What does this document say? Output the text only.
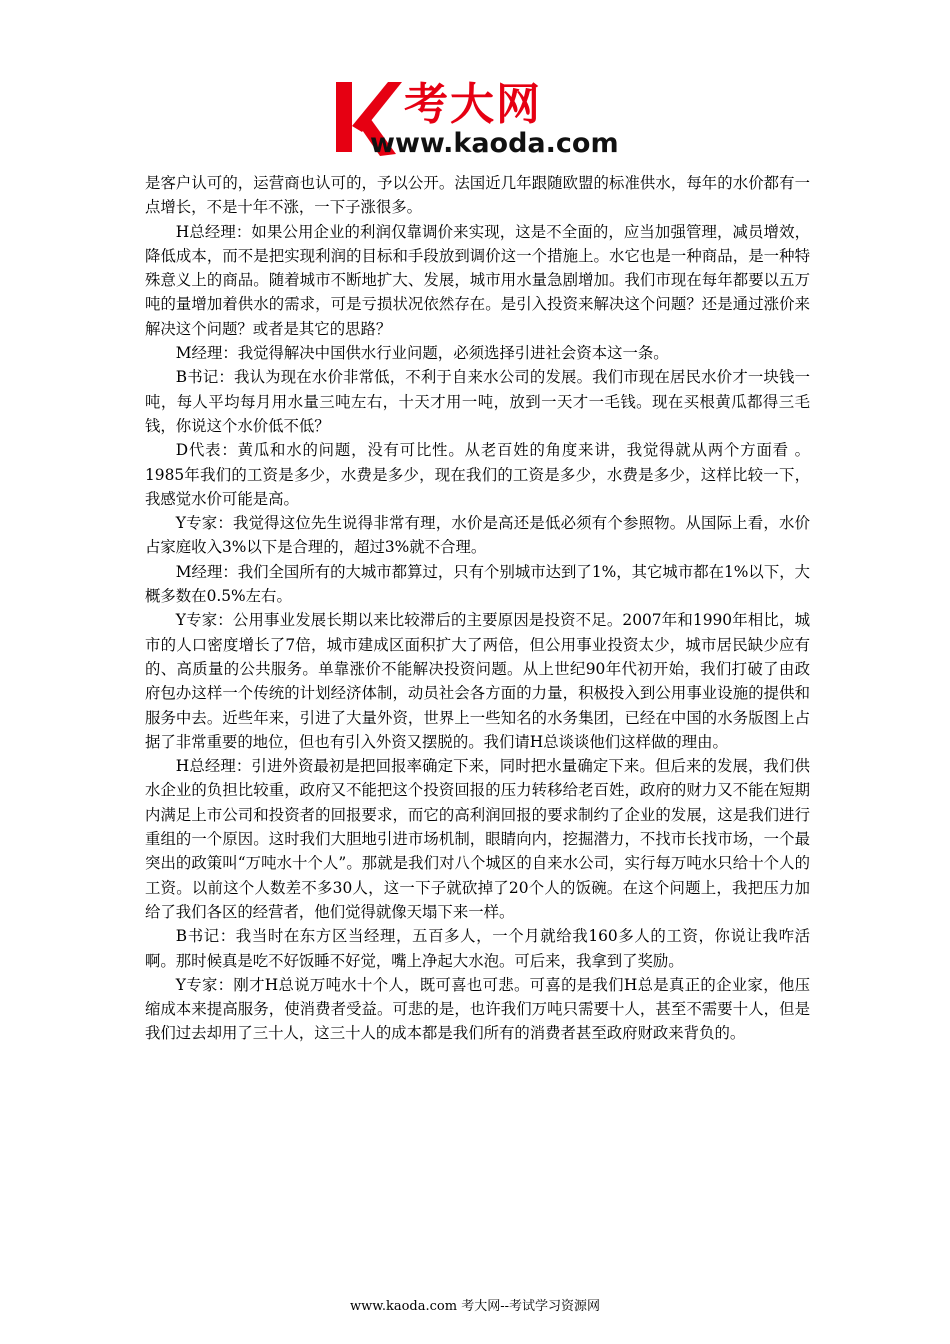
考大网
www.kaoda.com

是客户认可的，运营商也认可的，予以公开。法国近几年跟随欧盟的标准供水，每年的水价都有一点增长，不是十年不涨，一下子涨很多。

H总经理：如果公用企业的利润仅靠调价来实现，这是不全面的，应当加强管理，减员增效，降低成本，而不是把实现利润的目标和手段放到调价这一个措施上。水它也是一种商品，是一种特殊意义上的商品。随着城市不断地扩大、发展，城市用水量急剧增加。我们市现在每年都要以五万吨的量增加着供水的需求，可是亏损状况依然存在。是引入投资来解决这个问题？还是通过涨价来解决这个问题？或者是其它的思路？

M经理：我觉得解决中国供水行业问题，必须选择引进社会资本这一条。

B书记：我认为现在水价非常低，不利于自来水公司的发展。我们市现在居民水价才一块钱一吨，每人平均每月用水量三吨左右，十天才用一吨，放到一天才一毛钱。现在买根黄瓜都得三毛钱，你说这个水价低不低？

D代表：黄瓜和水的问题，没有可比性。从老百姓的角度来讲，我觉得就从两个方面看 。1985年我们的工资是多少，水费是多少，现在我们的工资是多少，水费是多少，这样比较一下，我感觉水价可能是高。

Y专家：我觉得这位先生说得非常有理，水价是高还是低必须有个参照物。从国际上看，水价占家庭收入3%以下是合理的，超过3%就不合理。

M经理：我们全国所有的大城市都算过，只有个别城市达到了1%，其它城市都在1%以下，大概多数在0.5%左右。

Y专家：公用事业发展长期以来比较滞后的主要原因是投资不足。2007年和1990年相比，城市的人口密度增长了7倍，城市建成区面积扩大了两倍，但公用事业投资太少，城市居民缺少应有的、高质量的公共服务。单靠涨价不能解决投资问题。从上世纪90年代初开始，我们打破了由政府包办这样一个传统的计划经济体制，动员社会各方面的力量，积极投入到公用事业设施的提供和服务中去。近些年来，引进了大量外资，世界上一些知名的水务集团，已经在中国的水务版图上占据了非常重要的地位，但也有引入外资又摆脱的。我们请H总谈谈他们这样做的理由。

H总经理：引进外资最初是把回报率确定下来，同时把水量确定下来。但后来的发展，我们供水企业的负担比较重，政府又不能把这个投资回报的压力转移给老百姓，政府的财力又不能在短期内满足上市公司和投资者的回报要求，而它的高利润回报的要求制约了企业的发展，这是我们进行重组的一个原因。这时我们大胆地引进市场机制，眼睛向内，挖掘潜力，不找市长找市场，一个最突出的政策叫“万吨水十个人”。那就是我们对八个城区的自来水公司，实行每万吨水只给十个人的工资。以前这个人数差不多30人，这一下子就砍掉了20个人的饭碗。在这个问题上，我把压力加给了我们各区的经营者，他们觉得就像天塌下来一样。

B书记：我当时在东方区当经理，五百多人，一个月就给我160多人的工资，你说让我咋活啊。那时候真是吃不好饭睡不好觉，嘴上净起大水泡。可后来，我拿到了奖励。

Y专家：刚才H总说万吨水十个人，既可喜也可悲。可喜的是我们H总是真正的企业家，他压缩成本来提高服务，使消费者受益。可悲的是，也许我们万吨只需要十人，甚至不需要十人，但是我们过去却用了三十人，这三十人的成本都是我们所有的消费者甚至政府财政来背负的。

www.kaoda.com 考大网--考试学习资源网
